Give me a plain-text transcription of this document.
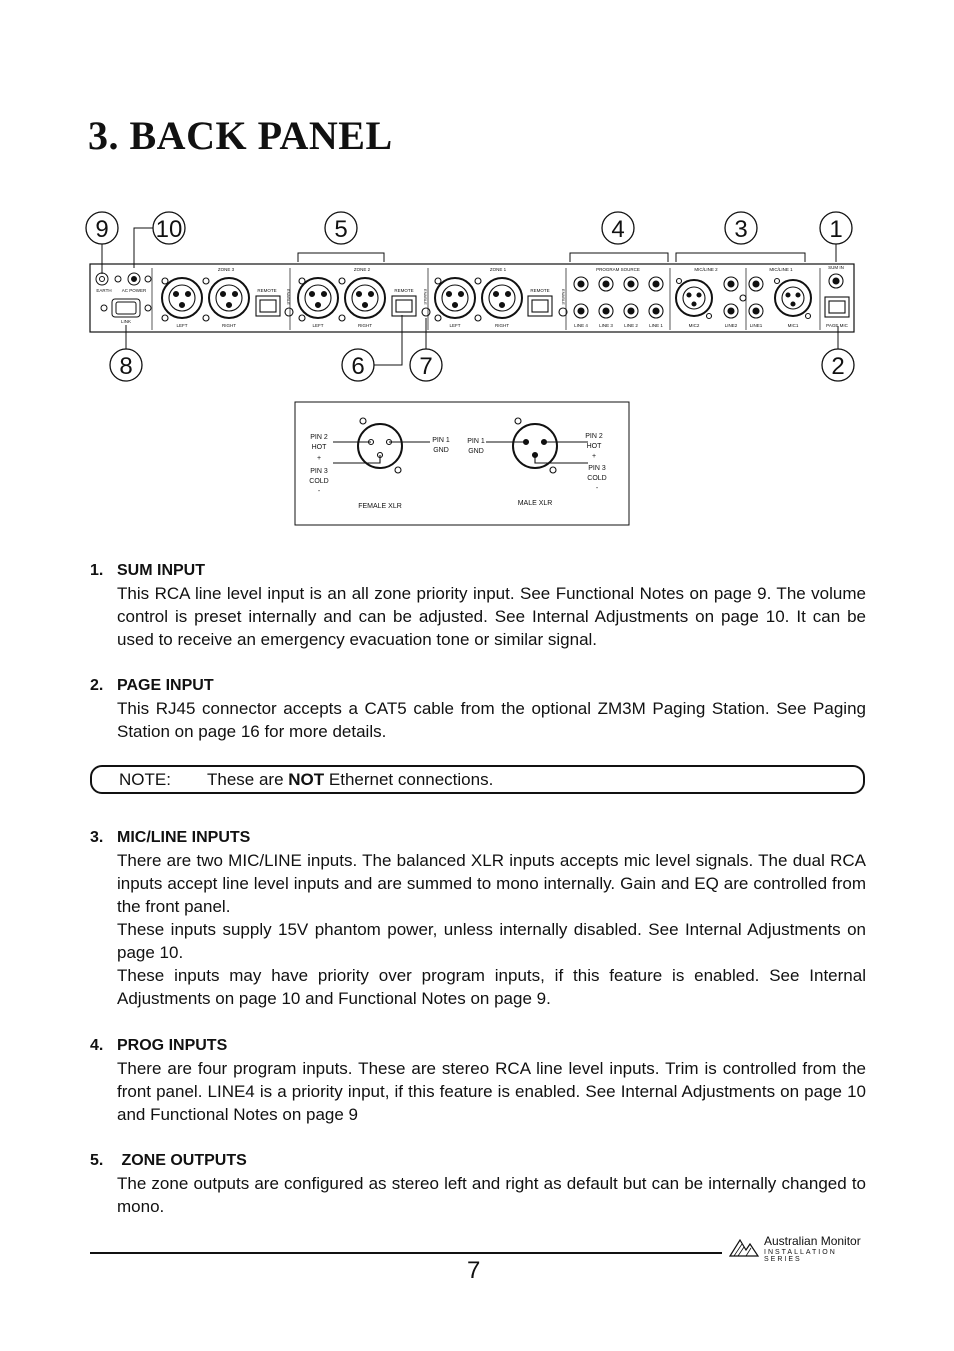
3. BACK PANEL
9 10	5	4	3	1
8	6 7	2
EARTH AC POWER
LINK
ZONE 3	ZONE 2	ZONE 1
LEFT	RIGHT	LEFT	RIGHT	LEFT	RIGHT
REMOTE	REMOTE	REMOTE
PROGRAM SOURCE	MIC/LINE 2	MIC/LINE 1	SUM IN
LINE 4 LINE 3 LINE 2 LINE 1	MIC2	LINE2	LINE1	MIC1	PAGE MIC
ENABLE	ENABLE	ENABLE
PIN 2
HOT
+
PIN 3
COLD
-
PIN 1
GND
FEMALE XLR
PIN 1
GND
PIN 2
HOT
+
PIN 3
COLD
-
MALE XLR
1. SUM INPUT

This RCA line level input is an all zone priority input. See Functional Notes on page 9. The volume control is preset internally and can be adjusted. See Internal Adjustments on page 10. It can be used to receive an emergency evacuation tone or similar signal.

2. PAGE INPUT

This RJ45 connector accepts a CAT5 cable from the optional ZM3M Paging Station. See Paging Station on page 16 for more details.

NOTE: These are NOT Ethernet connections.
3. MIC/LINE INPUTS

There are two MIC/LINE inputs. The balanced XLR inputs accepts mic level signals. The dual RCA inputs accept line level inputs and are summed to mono internally. Gain and EQ are controlled from the front panel.

These inputs supply 15V phantom power, unless internally disabled. See Internal Adjustments on page 10.

These inputs may have priority over program inputs, if this feature is enabled. See Internal Adjustments on page 10 and Functional Notes on page 9.

4. PROG INPUTS

There are four program inputs. These are stereo RCA line level inputs. Trim is controlled from the front panel. LINE4 is a priority input, if this feature is enabled. See Internal Adjustments on page 10 and Functional Notes on page 9

5. ZONE OUTPUTS

The zone outputs are configured as stereo left and right as default but can be internally changed to mono.

7
Australian Monitor
INSTALLATION SERIES
